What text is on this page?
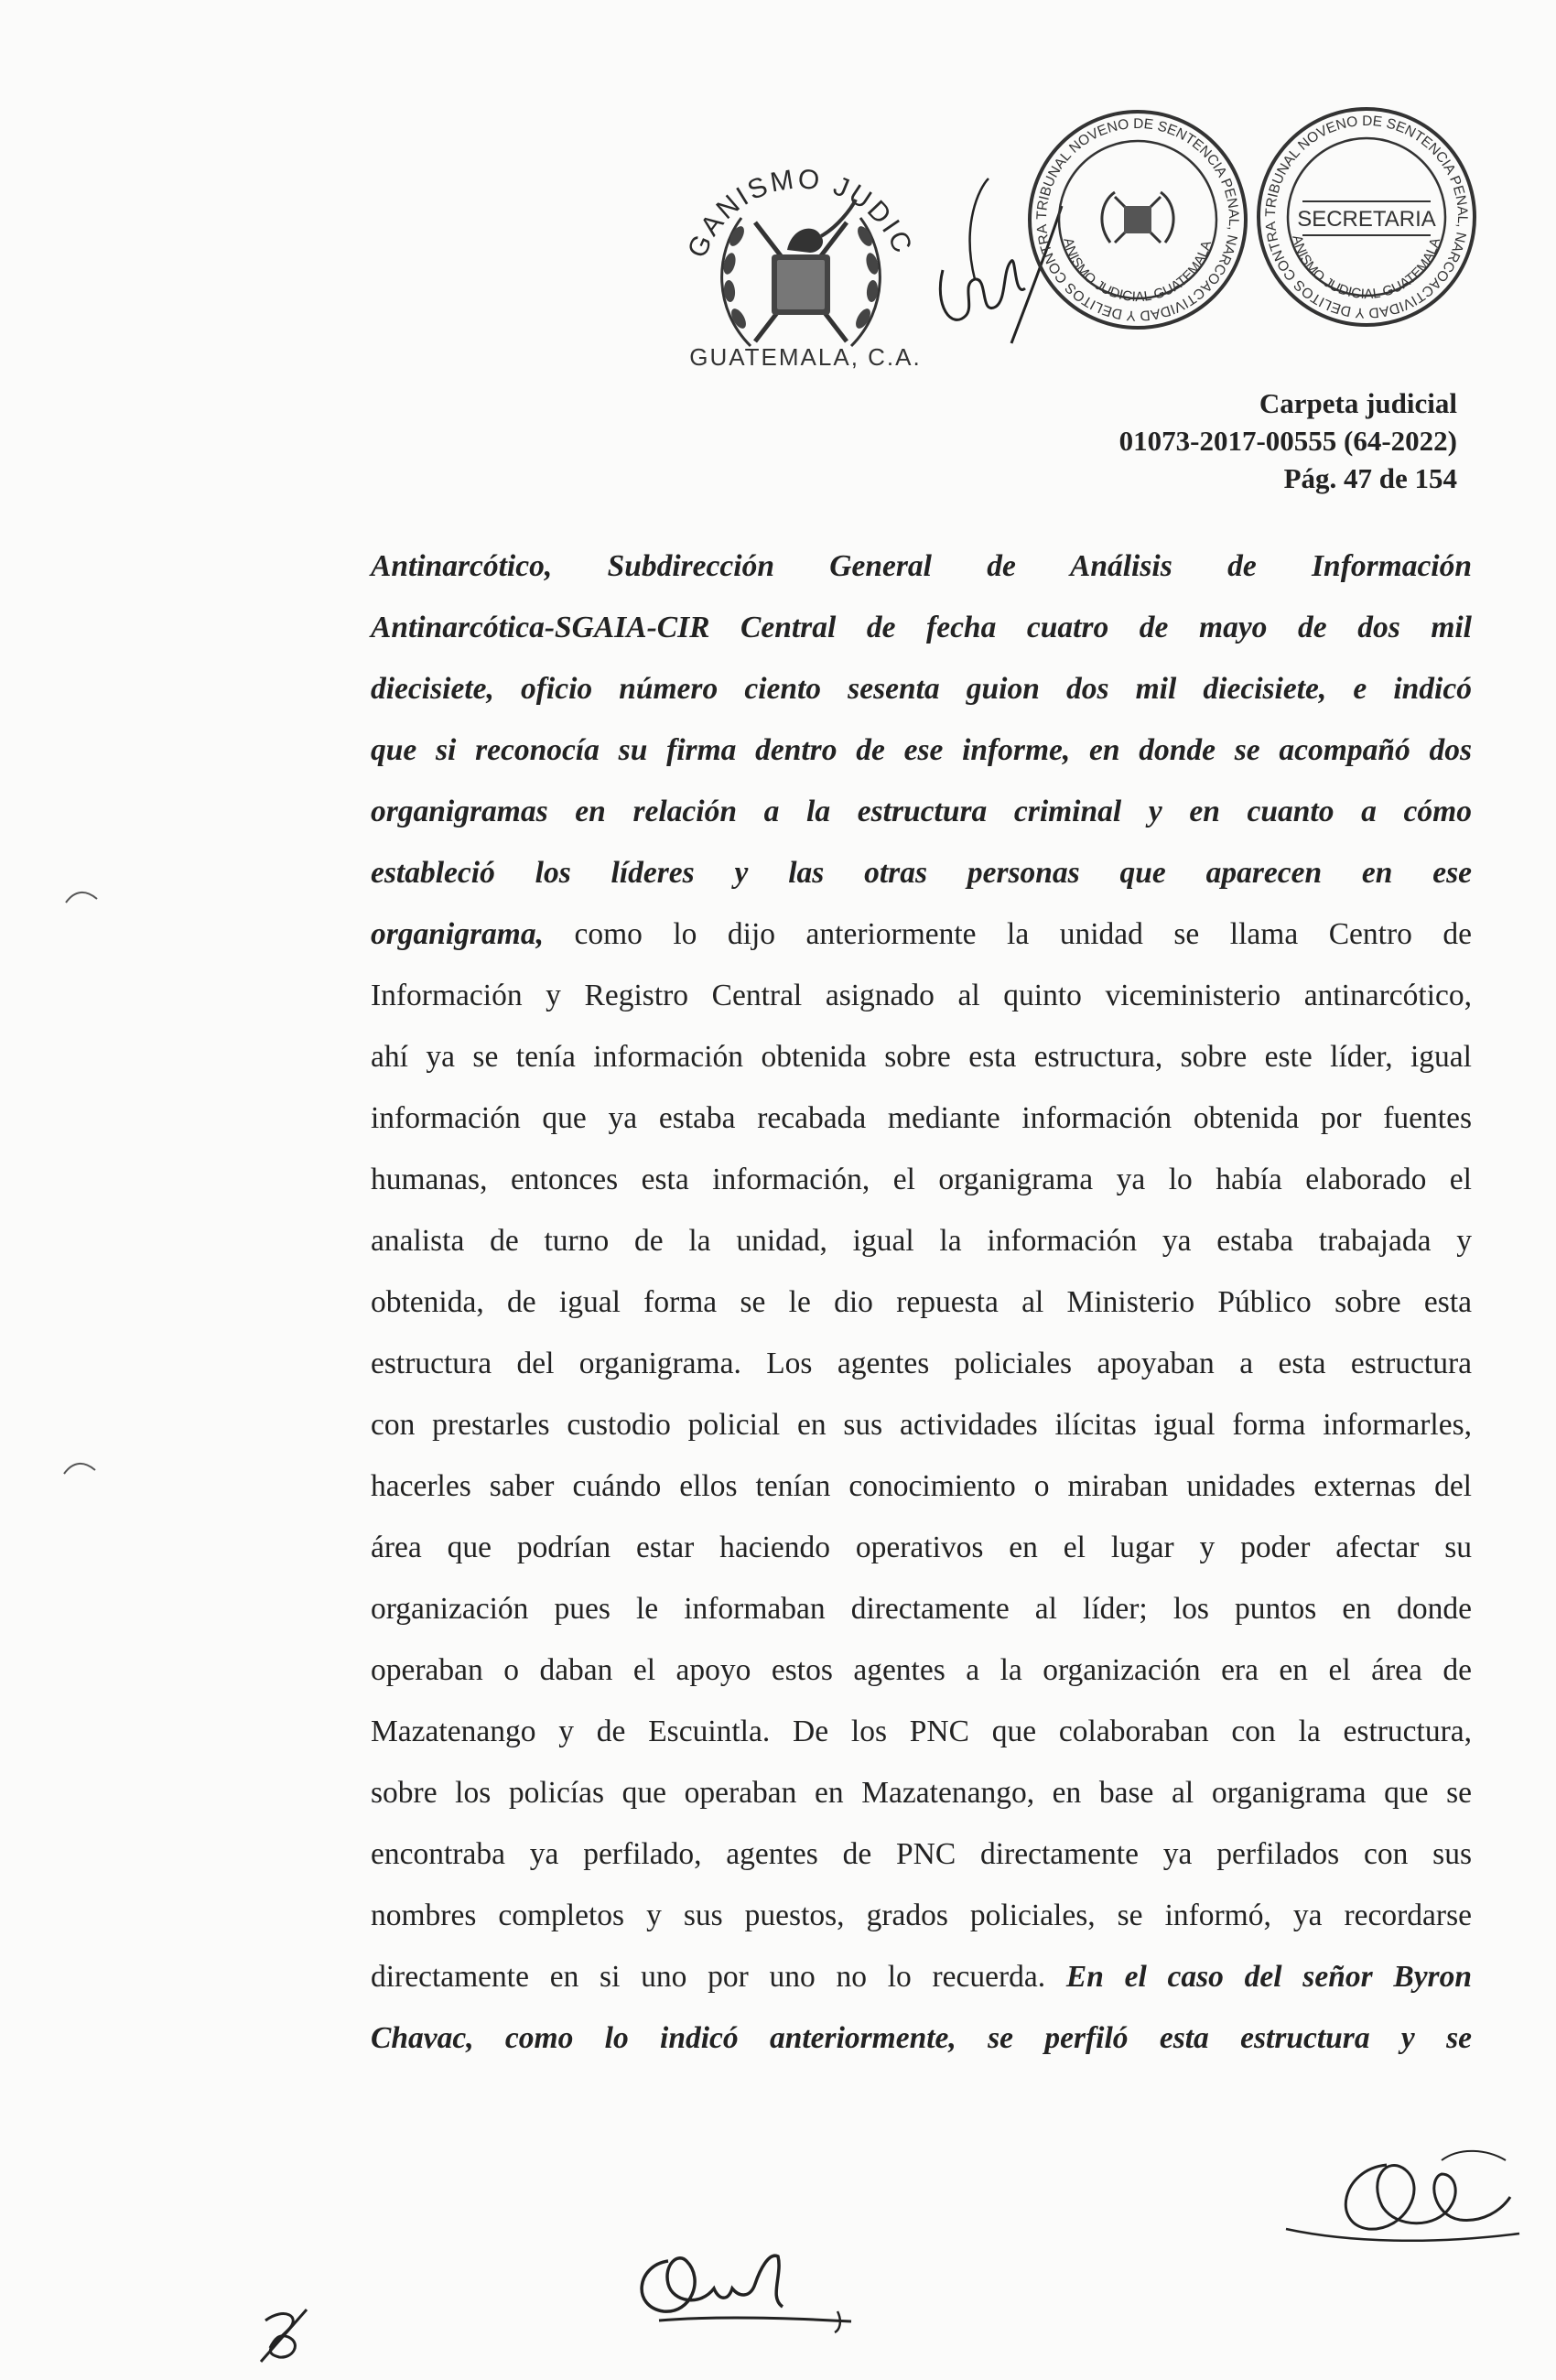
GANISMO JUDIC
GUATEMALA, C.A.
TRIBUNAL NOVENO DE SENTENCIA PENAL, NARCOACTIVIDAD Y DELITOS CONTRA
ANISMO JUDICIAL GUATEMALA
TRIBUNAL NOVENO DE SENTENCIA PENAL, NARCOACTIVIDAD Y DELITOS CONTRA SECRETARIA
ANISMO JUDICIAL GUATEMALA
Carpeta judicial
01073-2017-00555 (64-2022)
Pág. 47 de 154

Antinarcótico, Subdirección General de Análisis de Información

Antinarcótica-SGAIA-CIR Central de fecha cuatro de mayo de dos mil

diecisiete, oficio número ciento sesenta guion dos mil diecisiete, e indicó

que si reconocía su firma dentro de ese informe, en donde se acompañó dos

organigramas en relación a la estructura criminal y en cuanto a cómo

estableció los líderes y las otras personas que aparecen en ese

organigrama, como lo dijo anteriormente la unidad se llama Centro de

Información y Registro Central asignado al quinto viceministerio antinarcótico,

ahí ya se tenía información obtenida sobre esta estructura, sobre este líder, igual

información que ya estaba recabada mediante información obtenida por fuentes

humanas, entonces esta información, el organigrama ya lo había elaborado el

analista de turno de la unidad, igual la información ya estaba trabajada y

obtenida, de igual forma se le dio repuesta al Ministerio Público sobre esta

estructura del organigrama. Los agentes policiales apoyaban a esta estructura

con prestarles custodio policial en sus actividades ilícitas igual forma informarles,

hacerles saber cuándo ellos tenían conocimiento o miraban unidades externas del

área que podrían estar haciendo operativos en el lugar y poder afectar su

organización pues le informaban directamente al líder; los puntos en donde

operaban o daban el apoyo estos agentes a la organización era en el área de

Mazatenango y de Escuintla. De los PNC que colaboraban con la estructura,

sobre los policías que operaban en Mazatenango, en base al organigrama que se

encontraba ya perfilado, agentes de PNC directamente ya perfilados con sus

nombres completos y sus puestos, grados policiales, se informó, ya recordarse

directamente en si uno por uno no lo recuerda. En el caso del señor Byron

Chavac, como lo indicó anteriormente, se perfiló esta estructura y se
